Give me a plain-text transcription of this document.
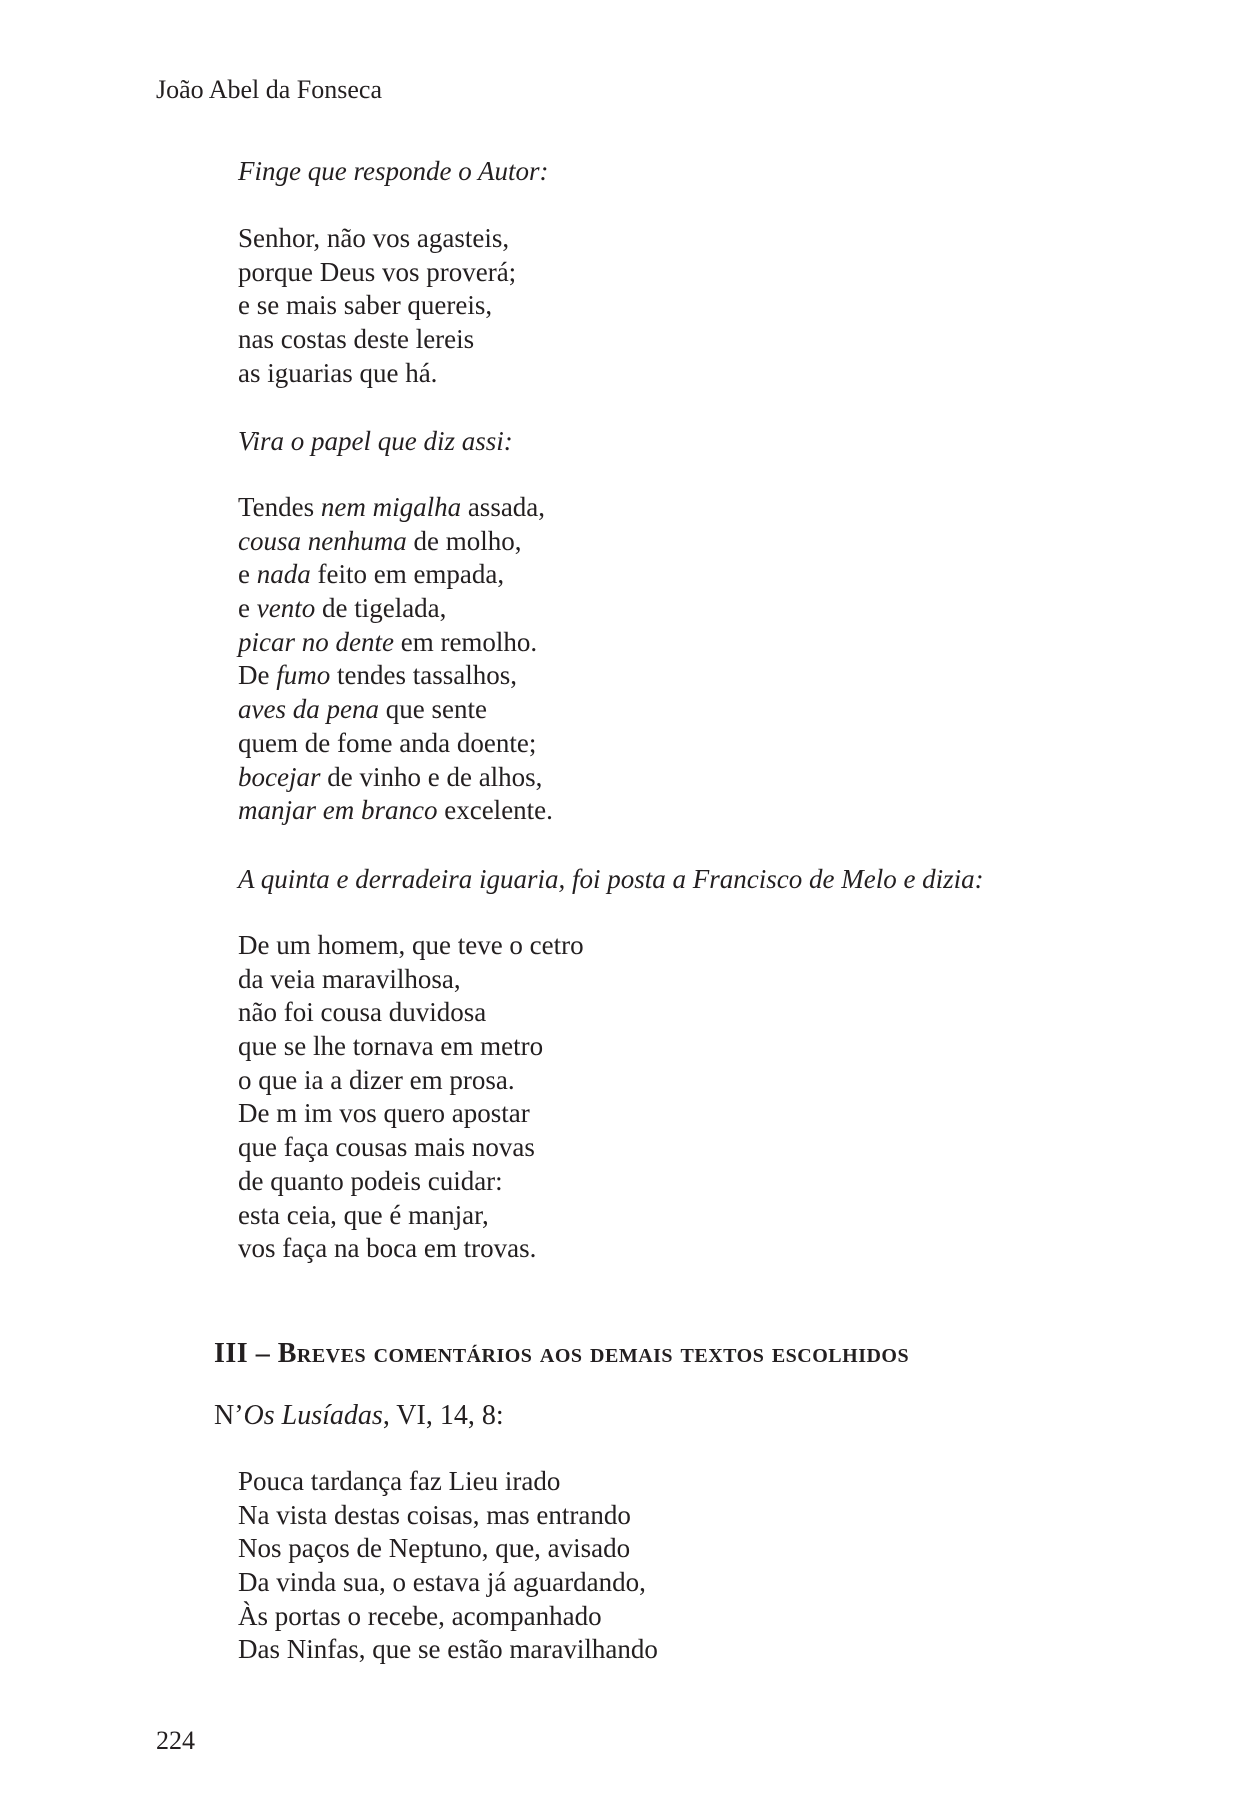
João Abel da Fonseca
Finge que responde o Autor:
Senhor, não vos agasteis,
porque Deus vos proverá;
e se mais saber quereis,
nas costas deste lereis
as iguarias que há.
Vira o papel que diz assi:
Tendes nem migalha assada,
cousa nenhuma de molho,
e nada feito em empada,
e vento de tigelada,
picar no dente em remolho.
De fumo tendes tassalhos,
aves da pena que sente
quem de fome anda doente;
bocejar de vinho e de alhos,
manjar em branco excelente.
A quinta e derradeira iguaria, foi posta a Francisco de Melo e dizia:
De um homem, que teve o cetro
da veia maravilhosa,
não foi cousa duvidosa
que se lhe tornava em metro
o que ia a dizer em prosa.
De m im vos quero apostar
que faça cousas mais novas
de quanto podeis cuidar:
esta ceia, que é manjar,
vos faça na boca em trovas.
III – Breves comentários aos demais textos escolhidos
N’Os Lusíadas, VI, 14, 8:
Pouca tardança faz Lieu irado
Na vista destas coisas, mas entrando
Nos paços de Neptuno, que, avisado
Da vinda sua, o estava já aguardando,
Às portas o recebe, acompanhado
Das Ninfas, que se estão maravilhando
224
